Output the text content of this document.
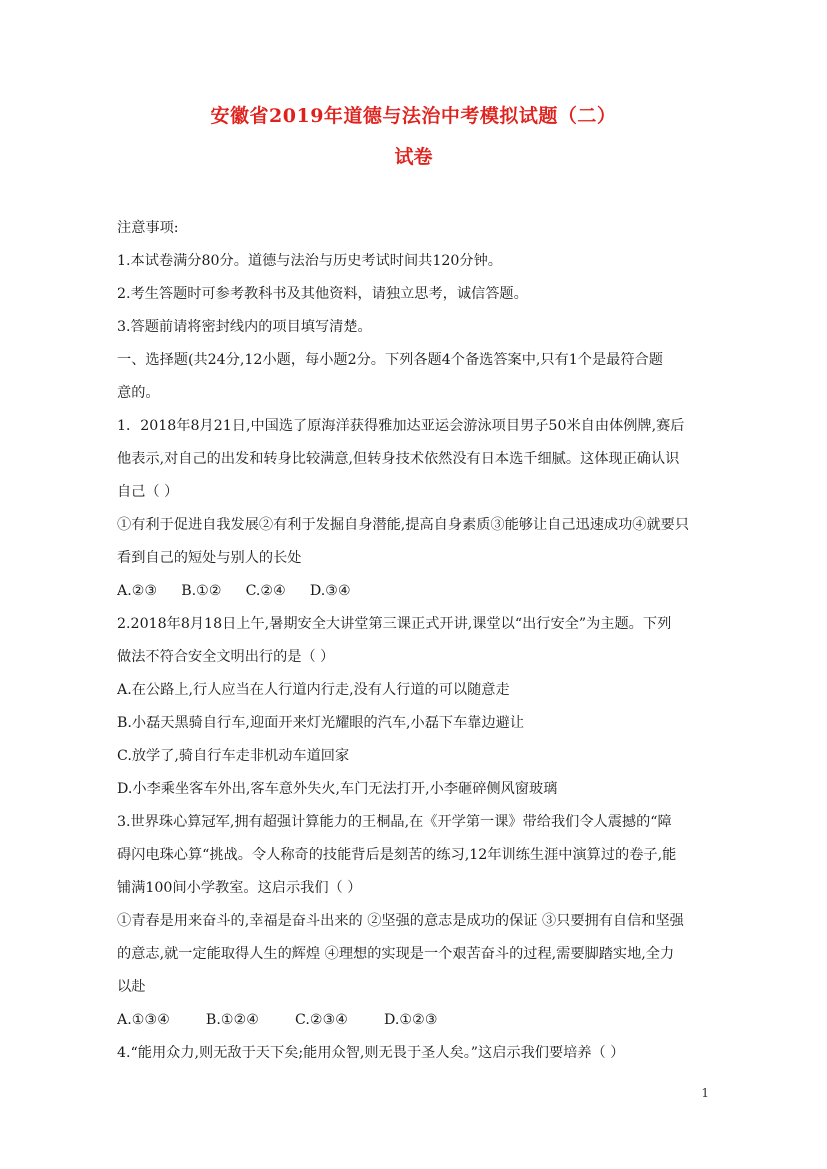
安徽省2019年道德与法治中考模拟试题（二）
试卷
注意事项:
1.本试卷满分80分。道德与法治与历史考试时间共120分钟。
2.考生答题时可参考教科书及其他资料，请独立思考，诚信答题。
3.答题前请将密封线内的项目填写清楚。
一、选择题(共24分,12小题，每小题2分。下列各题4个备选答案中,只有1个是最符合题
意的。
1．2018年8月21日,中国选了原海洋获得雅加达亚运会游泳项目男子50米自由体例牌,赛后
他表示,对自己的出发和转身比较满意,但转身技术依然没有日本选千细腻。这体现正确认识
自己（ ）
①有利于促进自我发展②有利于发掘自身潜能,提高自身素质③能够让自己迅速成功④就要只
看到自己的短处与别人的长处
A.②③ B.①② C.②④ D.③④
2.2018年8月18日上午,暑期安全大讲堂第三课正式开讲,课堂以“出行安全”为主题。下列
做法不符合安全文明出行的是（ ）
A.在公路上,行人应当在人行道内行走,没有人行道的可以随意走
B.小磊天黑骑自行车,迎面开来灯光耀眼的汽车,小磊下车靠边避让
C.放学了,骑自行车走非机动车道回家
D.小李乘坐客车外出,客车意外失火,车门无法打开,小李砸碎侧风窗玻璃
3.世界珠心算冠军,拥有超强计算能力的王桐晶,在《开学第一课》带给我们令人震撼的“障
碍闪电珠心算“挑战。令人称奇的技能背后是刻苦的练习,12年训练生涯中演算过的卷子,能
铺满100间小学教室。这启示我们（ ）
①青春是用来奋斗的,幸福是奋斗出来的 ②坚强的意志是成功的保证 ③只要拥有自信和坚强
的意志,就一定能取得人生的辉煌 ④理想的实现是一个艰苦奋斗的过程,需要脚踏实地,全力
以赴
A.①③④	B.①②④	C.②③④	D.①②③
4.“能用众力,则无敌于天下矣;能用众智,则无畏于圣人矣。”这启示我们要培养（ ）
1
